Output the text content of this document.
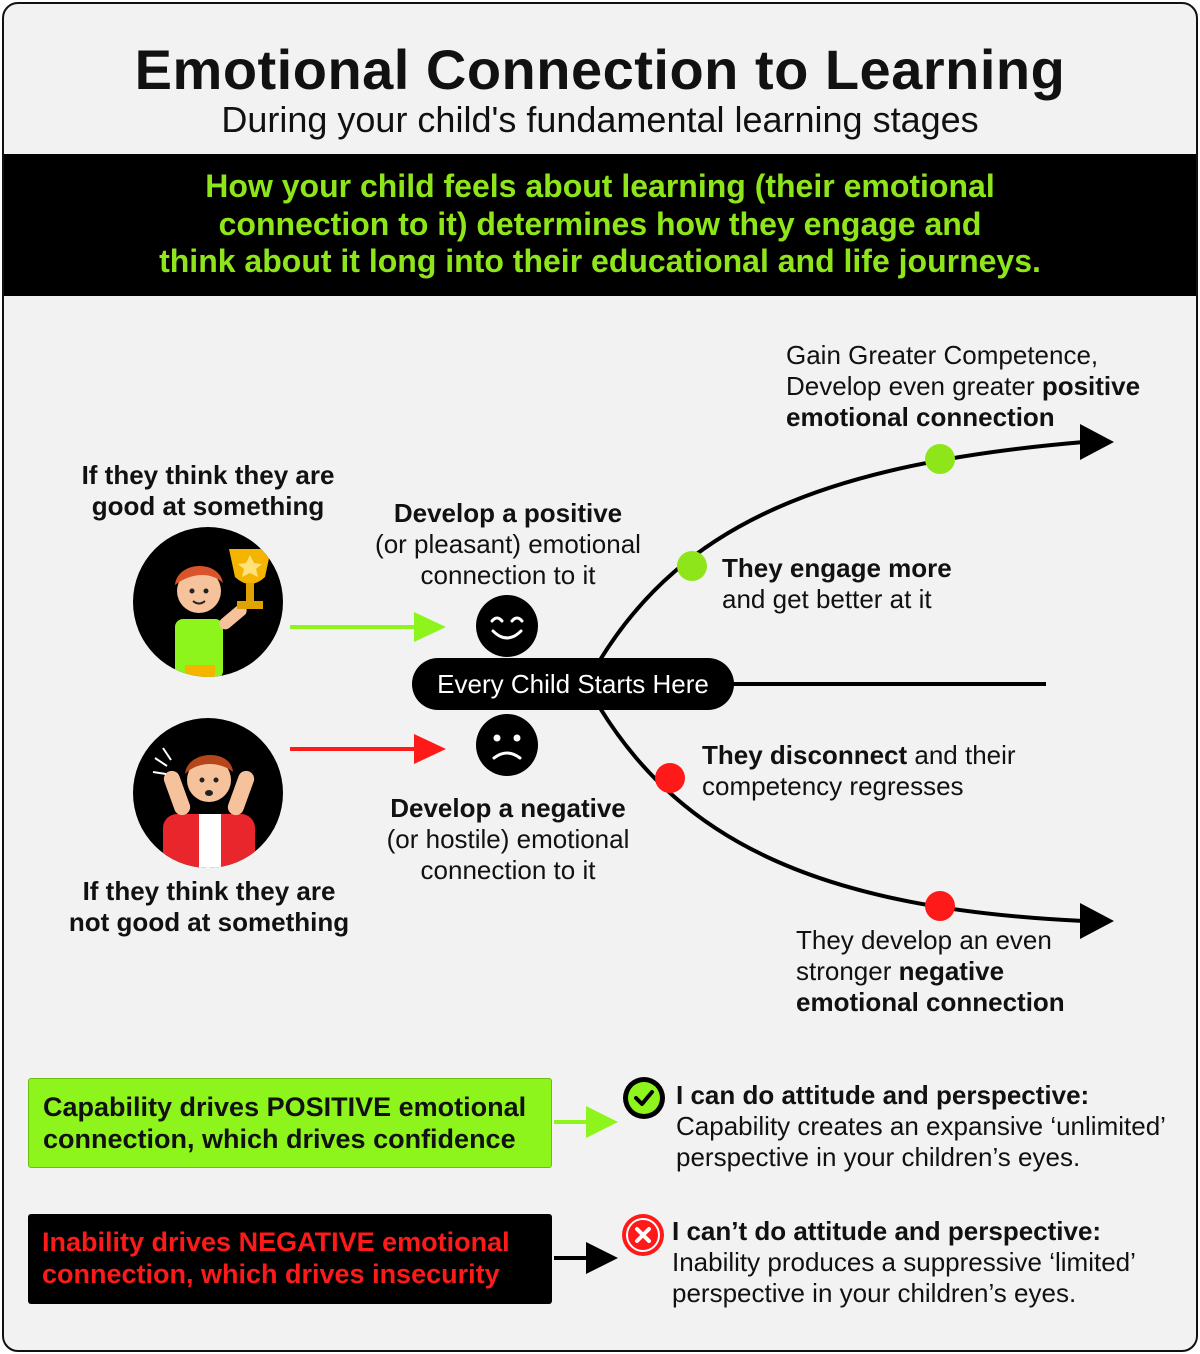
Emotional Connection to Learning
During your child's fundamental learning stages
How your child feels about learning (their emotional
connection to it) determines how they engage and
think about it long into their educational and life journeys.
If they think they are
good at something
If they think they are
not good at something
Develop a positive
(or pleasant) emotional
connection to it
Every Child Starts Here
Develop a negative
(or hostile) emotional
connection to it
Gain Greater Competence,
Develop even greater positive
emotional connection
They engage more
and get better at it
They disconnect and their
competency regresses
They develop an even
stronger negative
emotional connection
Capability drives POSITIVE emotional
connection, which drives confidence
Inability drives NEGATIVE emotional
connection, which drives insecurity
I can do attitude and perspective:
Capability creates an expansive ‘unlimited’
perspective in your children’s eyes.
I can’t do attitude and perspective:
Inability produces a suppressive ‘limited’
perspective in your children’s eyes.
